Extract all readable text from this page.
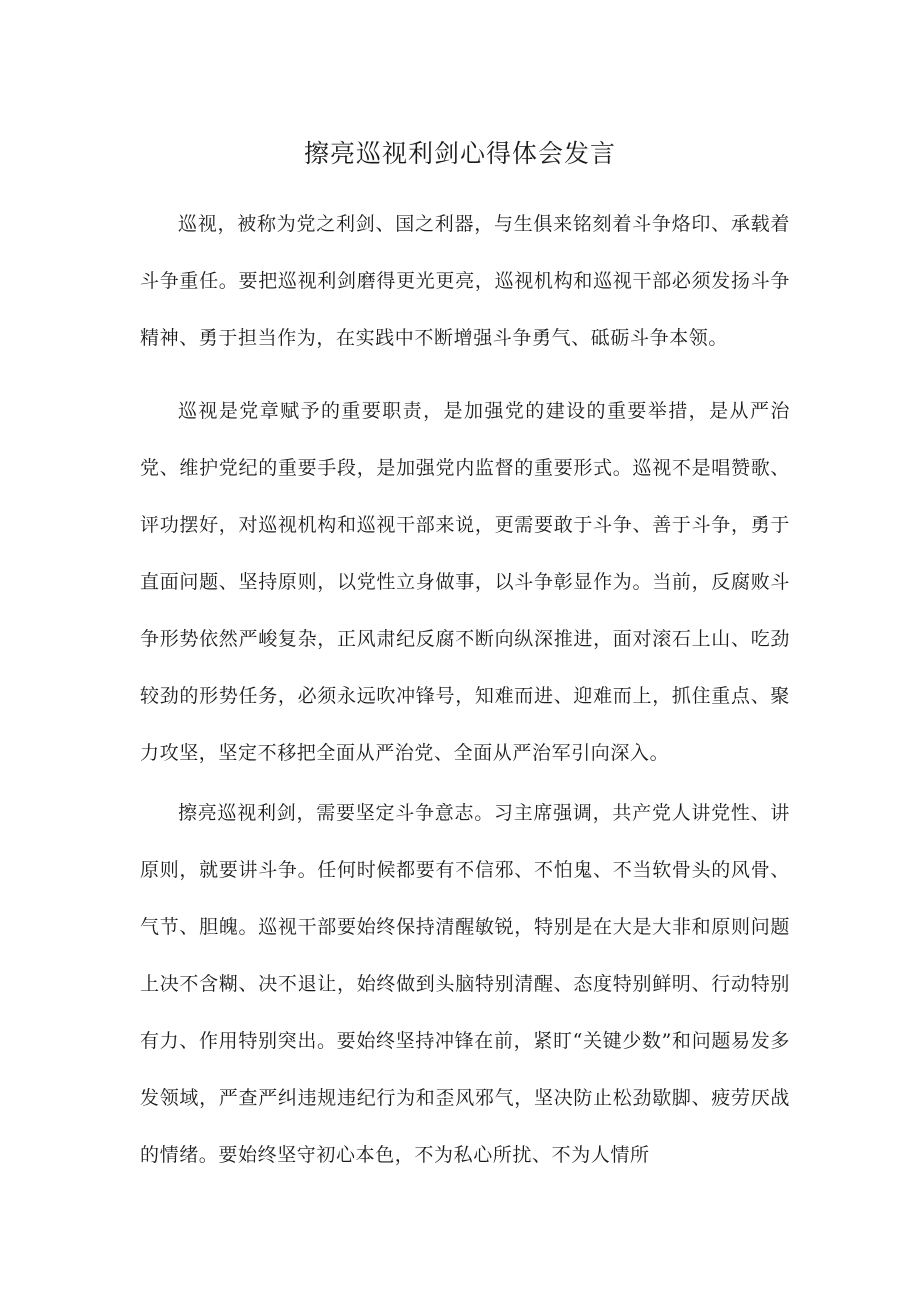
擦亮巡视利剑心得体会发言

巡视，被称为党之利剑、国之利器，与生俱来铭刻着斗争烙印、承载着斗争重任。要把巡视利剑磨得更光更亮，巡视机构和巡视干部必须发扬斗争精神、勇于担当作为，在实践中不断增强斗争勇气、砥砺斗争本领。

巡视是党章赋予的重要职责，是加强党的建设的重要举措，是从严治党、维护党纪的重要手段，是加强党内监督的重要形式。巡视不是唱赞歌、评功摆好，对巡视机构和巡视干部来说，更需要敢于斗争、善于斗争，勇于直面问题、坚持原则，以党性立身做事，以斗争彰显作为。当前，反腐败斗争形势依然严峻复杂，正风肃纪反腐不断向纵深推进，面对滚石上山、吃劲较劲的形势任务，必须永远吹冲锋号，知难而进、迎难而上，抓住重点、聚力攻坚，坚定不移把全面从严治党、全面从严治军引向深入。

擦亮巡视利剑，需要坚定斗争意志。习主席强调，共产党人讲党性、讲原则，就要讲斗争。任何时候都要有不信邪、不怕鬼、不当软骨头的风骨、气节、胆魄。巡视干部要始终保持清醒敏锐，特别是在大是大非和原则问题上决不含糊、决不退让，始终做到头脑特别清醒、态度特别鲜明、行动特别有力、作用特别突出。要始终坚持冲锋在前，紧盯“关键少数”和问题易发多发领域，严查严纠违规违纪行为和歪风邪气，坚决防止松劲歇脚、疲劳厌战的情绪。要始终坚守初心本色，不为私心所扰、不为人情所
